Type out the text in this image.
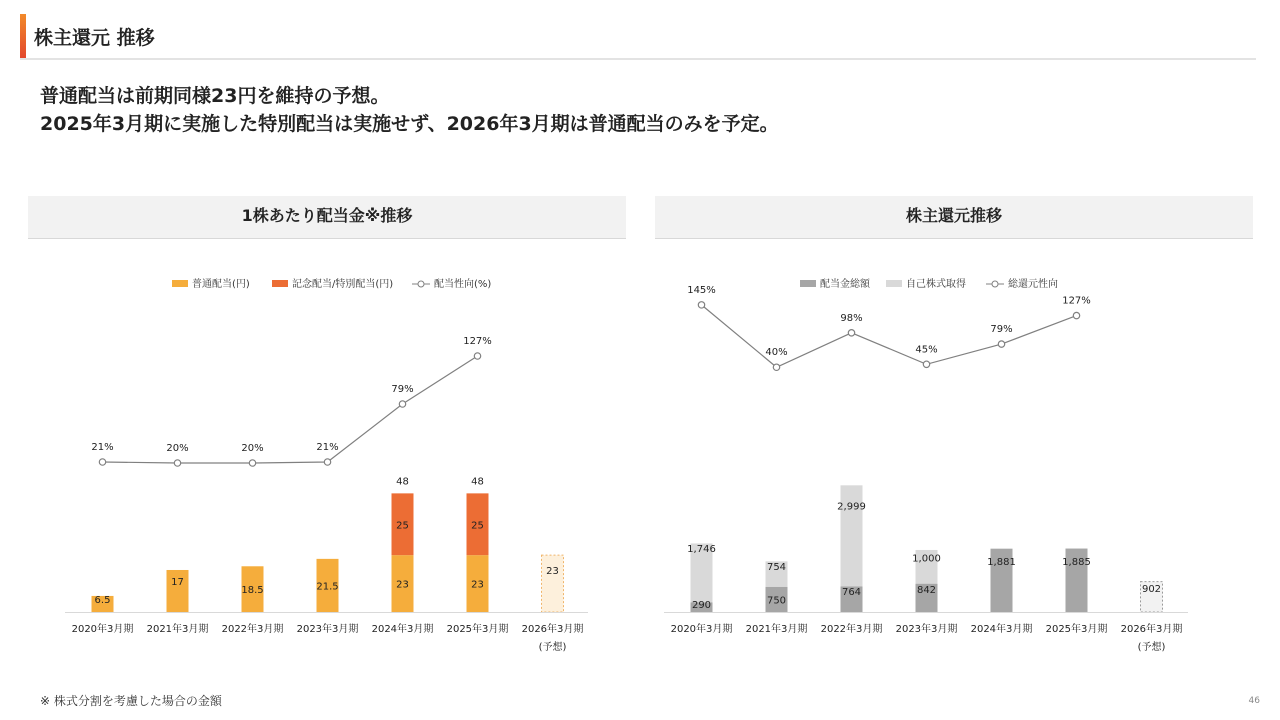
株主還元 推移
普通配当は前期同様23円を維持の予想。
2025年3月期に実施した特別配当は実施せず、2026年3月期は普通配当のみを予定。
1株あたり配当金※推移	株主還元推移
普通配当(円)	記念配当/特別配当(円)	配当性向(%)
6.5
2020年3月期
17
2021年3月期
18.5
2022年3月期
21.5
2023年3月期
23
25
48
2024年3月期
23
25
48
2025年3月期
23
2026年3月期
(予想)
21%	20%	20%	21%
79%
127%
配当金総額	自己株式取得	総還元性向
290
1,746
2020年3月期
750
754
2021年3月期
764
2,999
2022年3月期
842
1,000
2023年3月期
1,881
2024年3月期
1,885
2025年3月期
902
2026年3月期
(予想)
145%
40%
98%
45%
79%
127%
※ 株式分割を考慮した場合の金額	46
